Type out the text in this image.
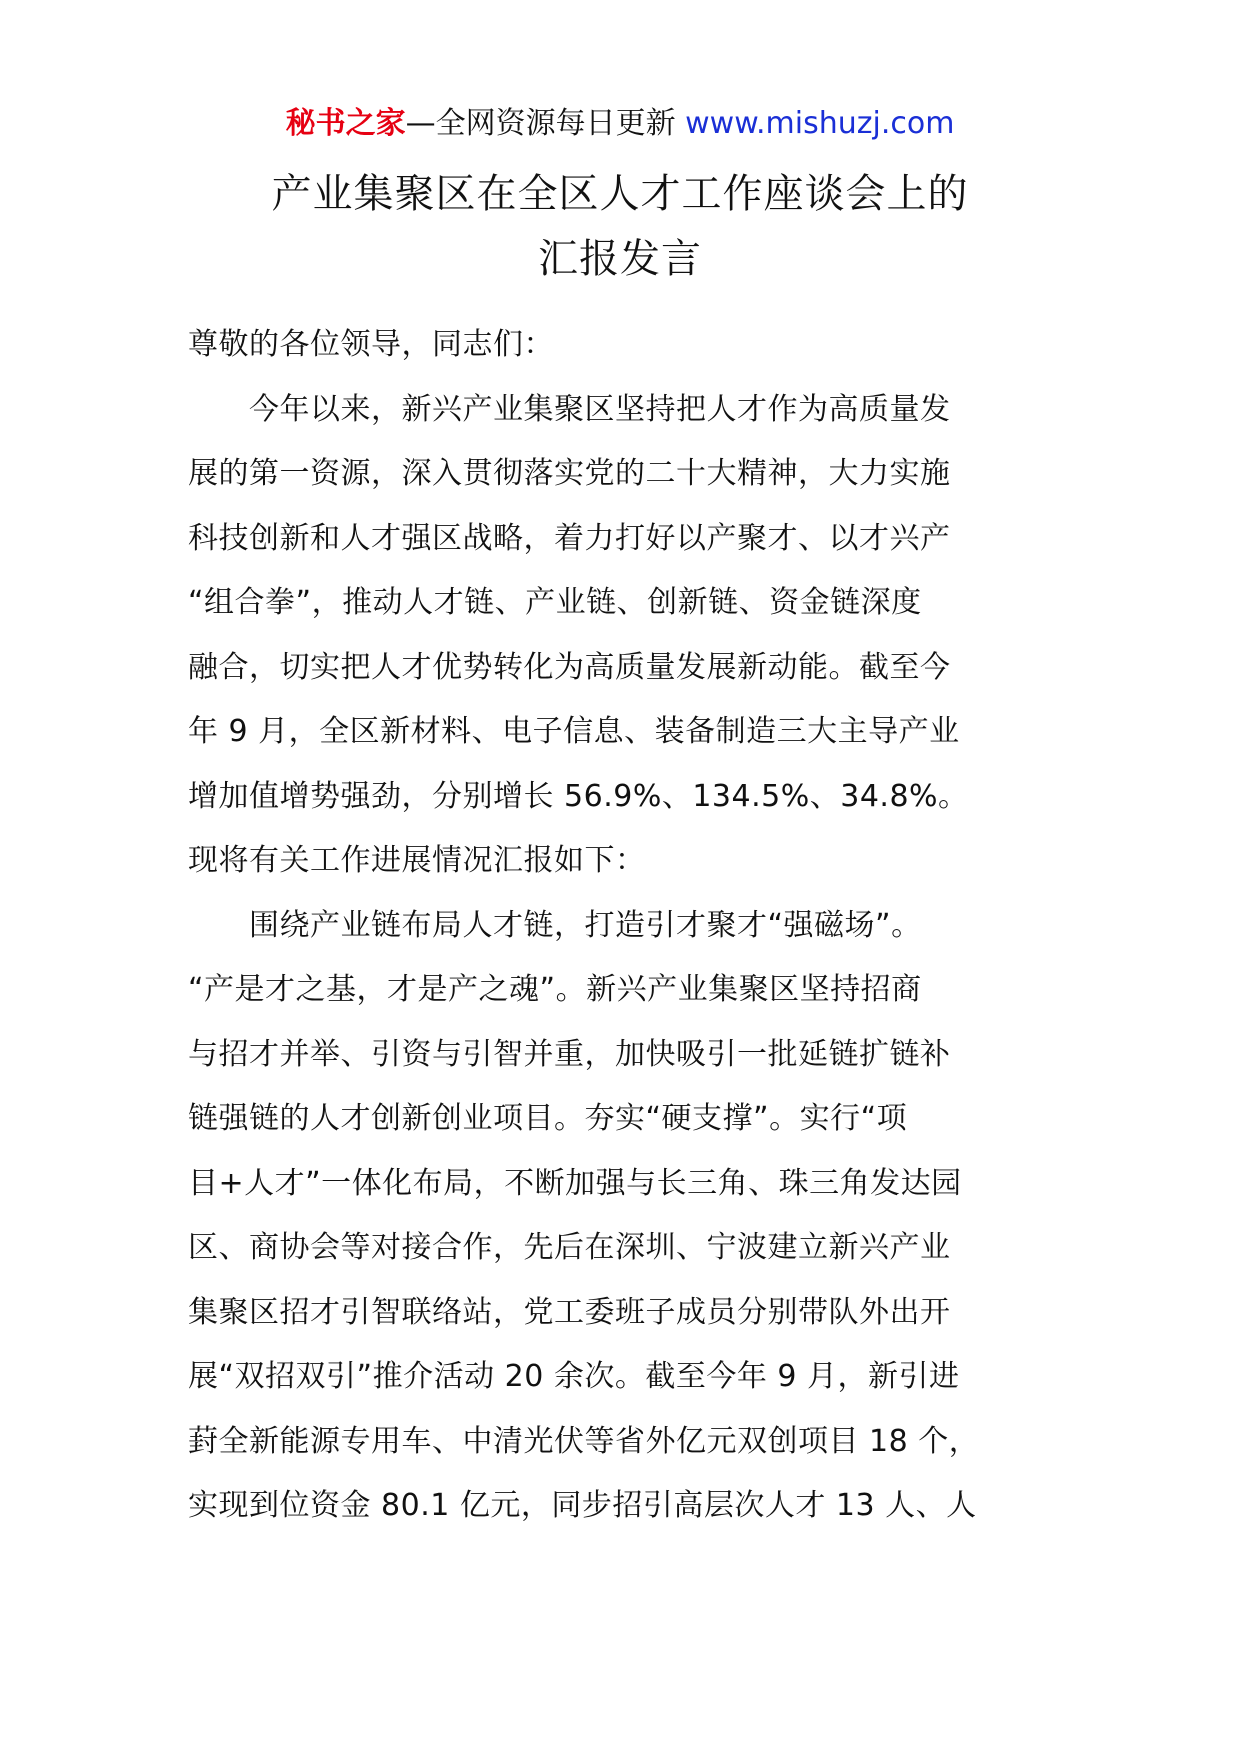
秘书之家—全网资源每日更新 www.mishuzj.com
产业集聚区在全区人才工作座谈会上的
汇报发言
尊敬的各位领导，同志们：
　　今年以来，新兴产业集聚区坚持把人才作为高质量发
展的第一资源，深入贯彻落实党的二十大精神，大力实施
科技创新和人才强区战略，着力打好以产聚才、以才兴产
“组合拳”，推动人才链、产业链、创新链、资金链深度
融合，切实把人才优势转化为高质量发展新动能。截至今
年 9 月，全区新材料、电子信息、装备制造三大主导产业
增加值增势强劲，分别增长 56.9%、134.5%、34.8%。
现将有关工作进展情况汇报如下：
　　围绕产业链布局人才链，打造引才聚才“强磁场”。
“产是才之基，才是产之魂”。新兴产业集聚区坚持招商
与招才并举、引资与引智并重，加快吸引一批延链扩链补
链强链的人才创新创业项目。夯实“硬支撑”。实行“项
目+人才”一体化布局，不断加强与长三角、珠三角发达园
区、商协会等对接合作，先后在深圳、宁波建立新兴产业
集聚区招才引智联络站，党工委班子成员分别带队外出开
展“双招双引”推介活动 20 余次。截至今年 9 月，新引进
葑全新能源专用车、中清光伏等省外亿元双创项目 18 个，
实现到位资金 80.1 亿元，同步招引高层次人才 13 人、人
